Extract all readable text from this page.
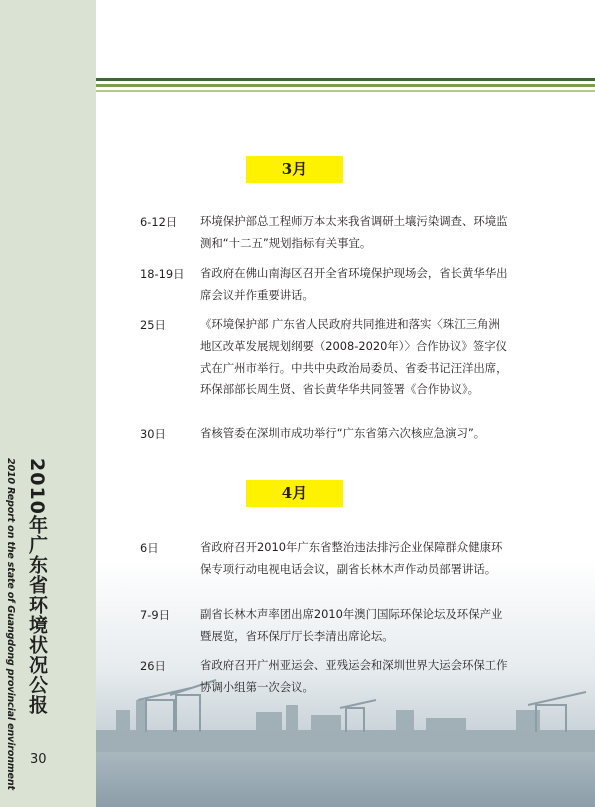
2010年广东省环境状况公报
2010 Report on the state of Guangdong provincial environment 30
3月
6-12日 环境保护部总工程师万本太来我省调研土壤污染调查、环境监测和“十二五”规划指标有关事宜。

18-19日 省政府在佛山南海区召开全省环境保护现场会，省长黄华华出席会议并作重要讲话。

25日	《环境保护部 广东省人民政府共同推进和落实〈珠江三角洲地区改革发展规划纲要（2008-2020年）〉合作协议》签字仪式在广州市举行。中共中央政治局委员、省委书记汪洋出席，环保部部长周生贤、省长黄华华共同签署《合作协议》。

30日	省核管委在深圳市成功举行“广东省第六次核应急演习”。

4月
6日	省政府召开2010年广东省整治违法排污企业保障群众健康环保专项行动电视电话会议，副省长林木声作动员部署讲话。

7-9日	副省长林木声率团出席2010年澳门国际环保论坛及环保产业暨展览，省环保厅厅长李清出席论坛。

26日	省政府召开广州亚运会、亚残运会和深圳世界大运会环保工作协调小组第一次会议。
